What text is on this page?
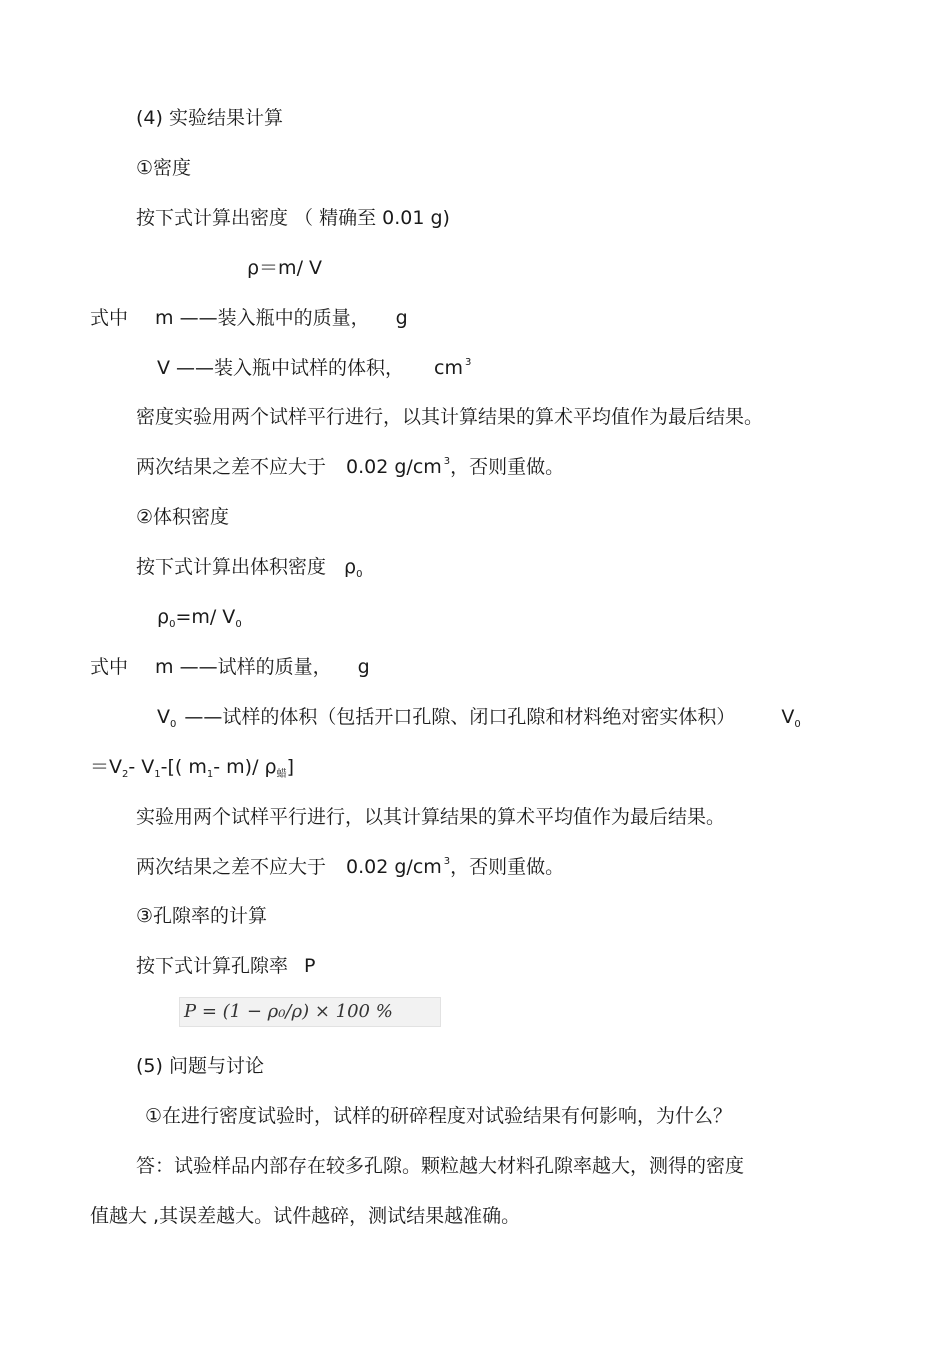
(4) 实验结果计算
①密度
按下式计算出密度 （ 精确至 0.01 g)
ρ＝m/ V
式中 m ——装入瓶中的质量， g
V ——装入瓶中试样的体积， cm $^3$
密度实验用两个试样平行进行，以其计算结果的算术平均值作为最后结果。
两次结果之差不应大于 0.02 g/cm $^3$，否则重做。
②体积密度
按下式计算出体积密度 $\rho_0$
$\rho_0=m/$ $V_0$
式中 m ——试样的质量， g
$V_0$ ——试样的体积（包括开口孔隙、闭口孔隙和材料绝对密实体积） $V_0$
$=V_2-$ $V_1-$[( $m_1-$ m)/ $\rho_蜡$]
实验用两个试样平行进行，以其计算结果的算术平均值作为最后结果。
两次结果之差不应大于 0.02 g/cm $^3$，否则重做。
③孔隙率的计算
按下式计算孔隙率 P
P = (1 − ρ₀/ρ) × 100 %
(5) 问题与讨论
①在进行密度试验时，试样的研碎程度对试验结果有何影响，为什么？
答：试验样品内部存在较多孔隙。颗粒越大材料孔隙率越大，测得的密度
值越大 ,其误差越大。试件越碎，测试结果越准确。
